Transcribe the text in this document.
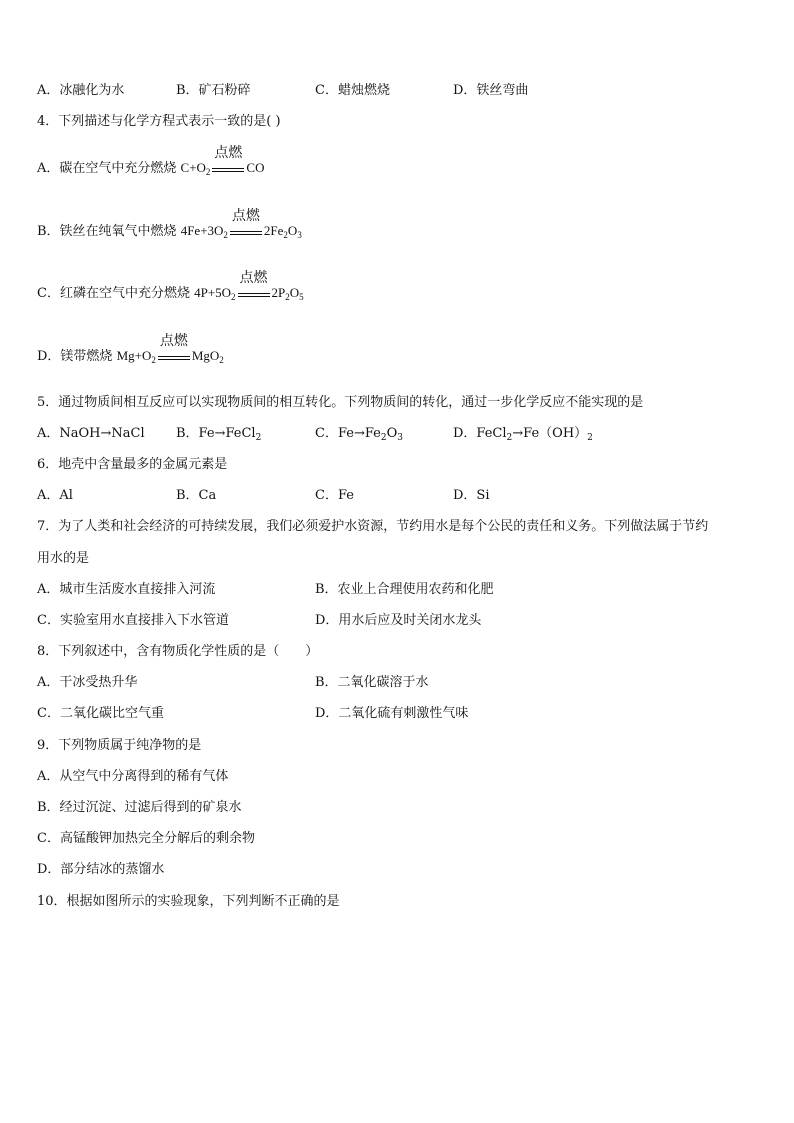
A．冰融化为水	B．矿石粉碎	C．蜡烛燃烧	D．铁丝弯曲
4．下列描述与化学方程式表示一致的是( )
A．碳在空气中充分燃烧 $C+O_2$
点燃
CO
B．铁丝在纯氧气中燃烧 $4Fe+3O_2$
点燃
$2Fe_2O_3$
C．红磷在空气中充分燃烧 $4P+5O_2$
点燃
$2P_2O_5$
D．镁带燃烧 $Mg+O_2$
点燃
MgO$_2$
5．通过物质间相互反应可以实现物质间的相互转化。下列物质间的转化，通过一步化学反应不能实现的是
A．NaOH→NaCl B．Fe→FeCl$_2$	C．$Fe\to Fe_2O_3$	D．$FeCl_2\to Fe(OH)_2$
6．地壳中含量最多的金属元素是
A．Al	B．Ca	C．Fe	D．Si
7．为了人类和社会经济的可持续发展，我们必须爱护水资源，节约用水是每个公民的责任和义务。下列做法属于节约
用水的是
A．城市生活废水直接排入河流	B．农业上合理使用农药和化肥
C．实验室用水直接排入下水管道	D．用水后应及时关闭水龙头
8．下列叙述中，含有物质化学性质的是（　　）
A．干冰受热升华	B．二氧化碳溶于水
C．二氧化碳比空气重	D．二氧化硫有刺激性气味
9．下列物质属于纯净物的是
A．从空气中分离得到的稀有气体
B．经过沉淀、过滤后得到的矿泉水
C．高锰酸钾加热完全分解后的剩余物
D．部分结冰的蒸馏水
10．根据如图所示的实验现象，下列判断不正确的是
